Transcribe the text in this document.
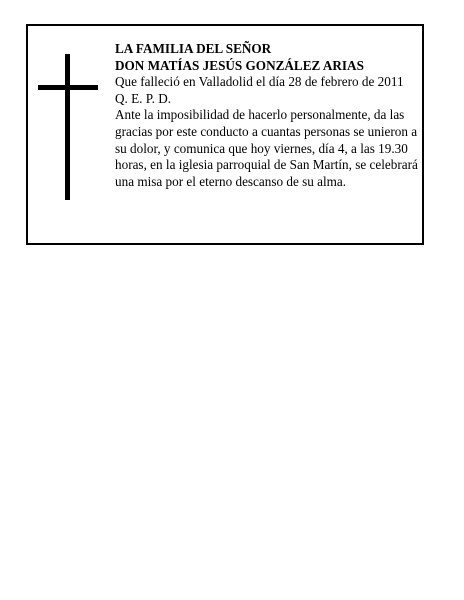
LA FAMILIA DEL SEÑOR

DON MATÍAS JESÚS GONZÁLEZ ARIAS

Que falleció en Valladolid el día 28 de febrero de 2011

Q. E. P. D.

Ante la imposibilidad de hacerlo personalmente, da las gracias por este conducto a cuantas personas se unieron a su dolor, y comunica que hoy viernes, día 4, a las 19.30 horas, en la iglesia parroquial de San Martín, se celebrará una misa por el eterno descanso de su alma.
